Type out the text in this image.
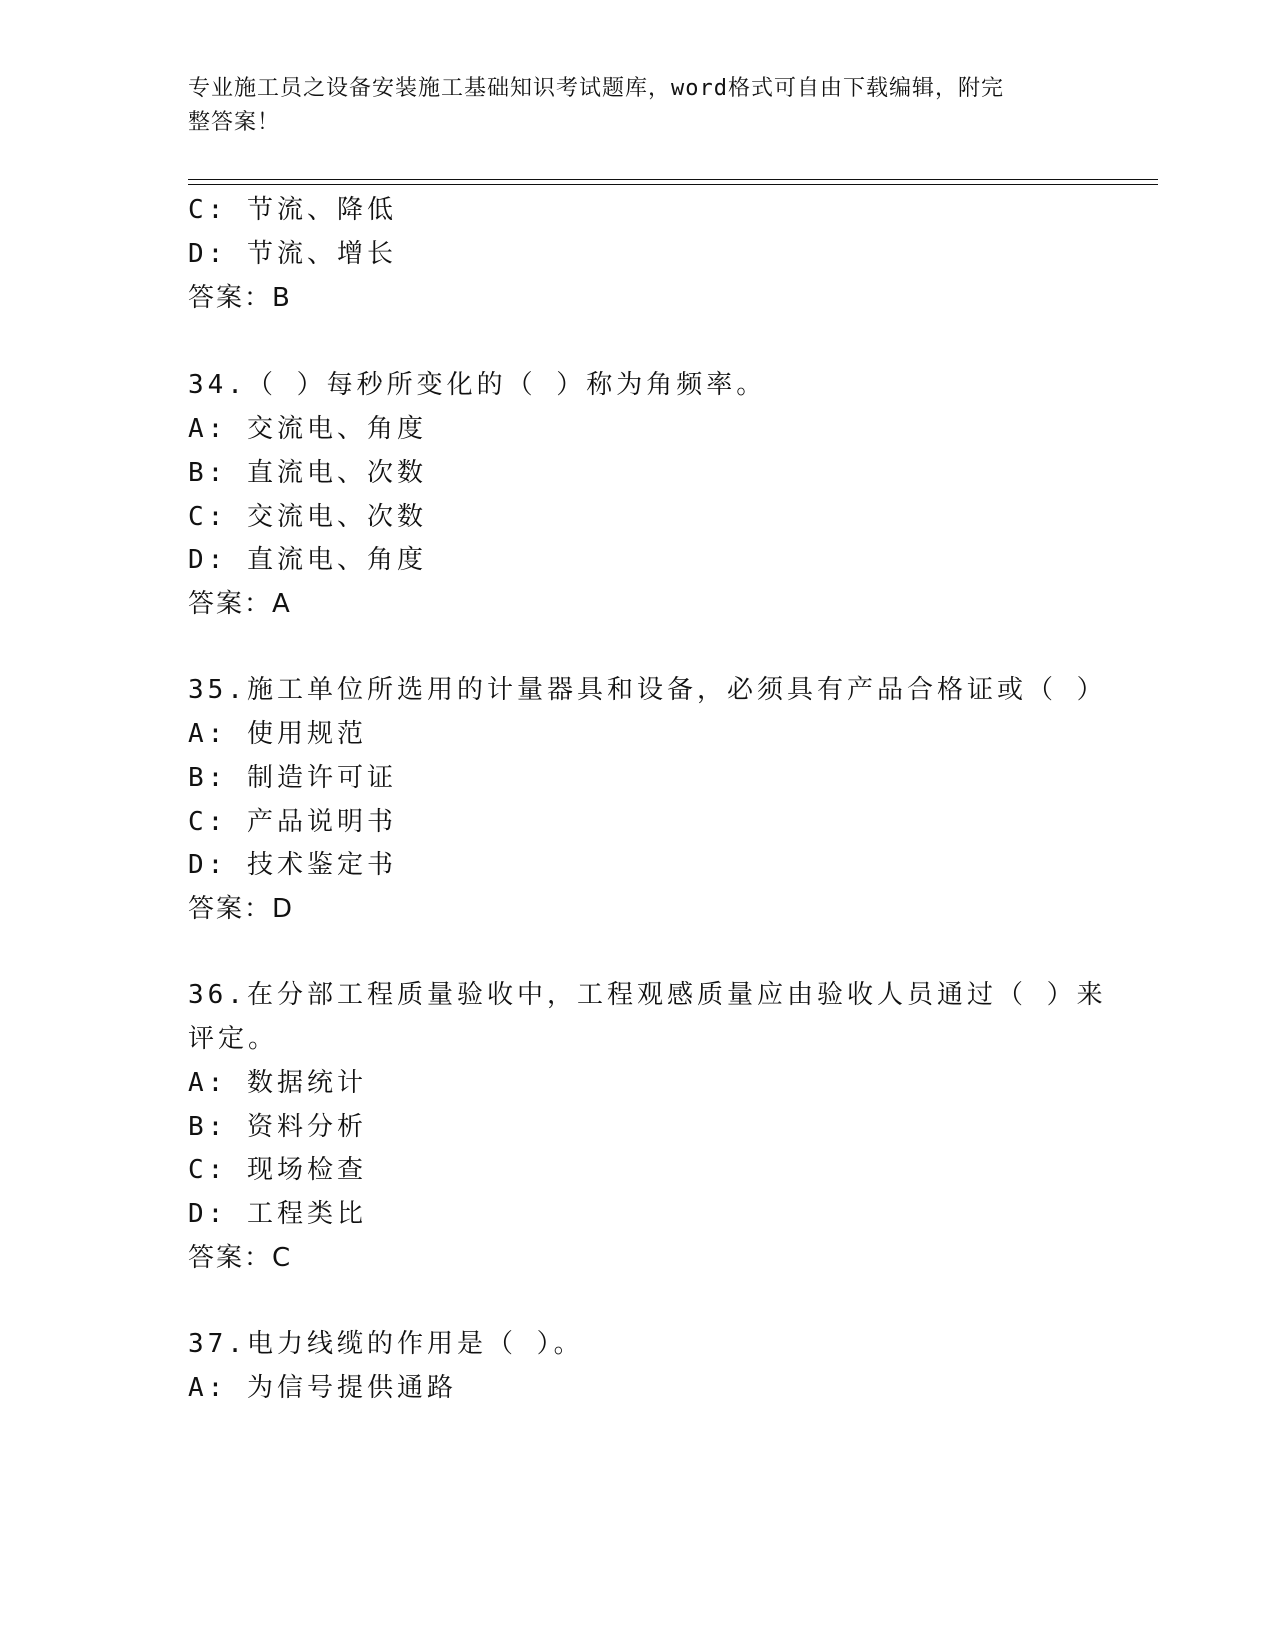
专业施工员之设备安装施工基础知识考试题库，word格式可自由下载编辑，附完
整答案！
C: 节流、降低
D: 节流、增长
答案：B
34.（ ）每秒所变化的（ ）称为角频率。
A: 交流电、角度
B: 直流电、次数
C: 交流电、次数
D: 直流电、角度
答案：A
35.施工单位所选用的计量器具和设备，必须具有产品合格证或（ ）
A: 使用规范
B: 制造许可证
C: 产品说明书
D: 技术鉴定书
答案：D
36.在分部工程质量验收中，工程观感质量应由验收人员通过（ ）来
评定。
A: 数据统计
B: 资料分析
C: 现场检查
D: 工程类比
答案：C
37.电力线缆的作用是（ ）。
A: 为信号提供通路
